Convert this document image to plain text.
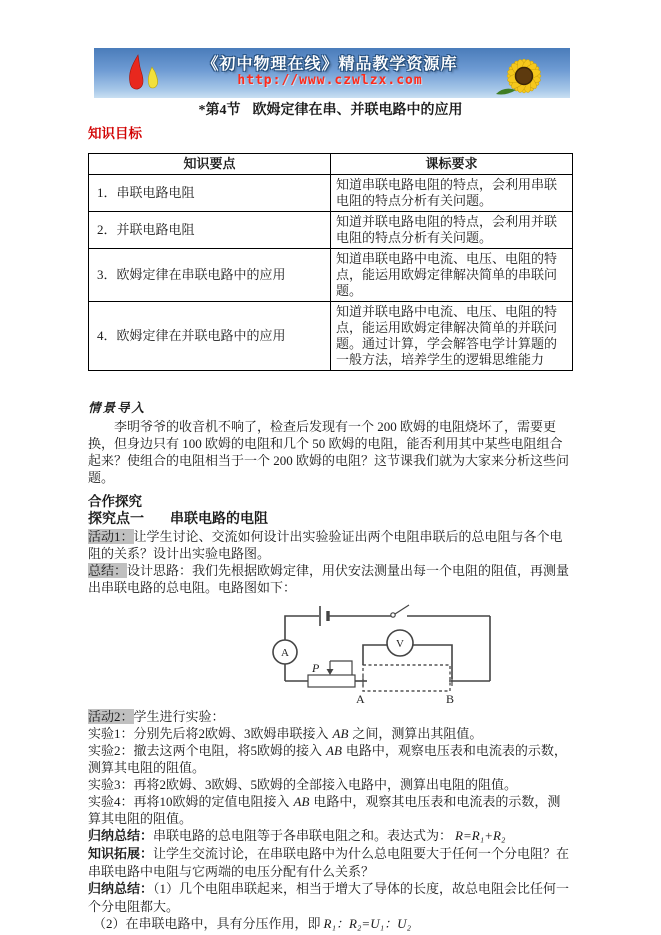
《初中物理在线》精品教学资源库
http://www.czwlzx.com
*第4节 欧姆定律在串、并联电路中的应用
知识目标
知识要点	课标要求
1．串联电路电阻	知道串联电路电阻的特点，会利用串联电阻的特点分析有关问题。
2．并联电路电阻	知道并联电路电阻的特点，会利用并联电阻的特点分析有关问题。
3．欧姆定律在串联电路中的应用	知道串联电路中电流、电压、电阻的特点，能运用欧姆定律解决简单的串联问题。
4．欧姆定律在并联电路中的应用	知道并联电路中电流、电压、电阻的特点，能运用欧姆定律解决简单的并联问题。通过计算，学会解答电学计算题的一般方法，培养学生的逻辑思维能力
情景导入

李明爷爷的收音机不响了，检查后发现有一个 200 欧姆的电阻烧坏了，需要更换，但身边只有 100 欧姆的电阻和几个 50 欧姆的电阻，能否利用其中某些电阻组合起来？使组合的电阻相当于一个 200 欧姆的电阻？这节课我们就为大家来分析这些问题。

合作探究
探究点一 串联电路的电阻

活动1：让学生讨论、交流如何设计出实验验证出两个电阻串联后的总电阻与各个电阻的关系？设计出实验电路图。

总结：设计思路：我们先根据欧姆定律，用伏安法测量出每一个电阻的阻值，再测量出串联电路的总电阻。电路图如下：

A
P
V
A	B

活动2：学生进行实验：

实验1：分别先后将2欧姆、3欧姆串联接入 AB 之间，测算出其阻值。

实验2：撤去这两个电阻，将5欧姆的接入 AB 电路中，观察电压表和电流表的示数，测算其电阻的阻值。

实验3：再将2欧姆、3欧姆、5欧姆的全部接入电路中，测算出电阻的阻值。

实验4：再将10欧姆的定值电阻接入 AB 电路中，观察其电压表和电流表的示数，测算其电阻的阻值。

归纳总结：串联电路的总电阻等于各串联电阻之和。表达式为： R=R₁+R₂

知识拓展：让学生交流讨论，在串联电路中为什么总电阻要大于任何一个分电阻？在串联电路中电阻与它两端的电压分配有什么关系？

归纳总结：（1）几个电阻串联起来，相当于增大了导体的长度，故总电阻会比任何一个分电阻都大。

（2）在串联电路中，具有分压作用，即 R₁：R₂=U₁：U₂
